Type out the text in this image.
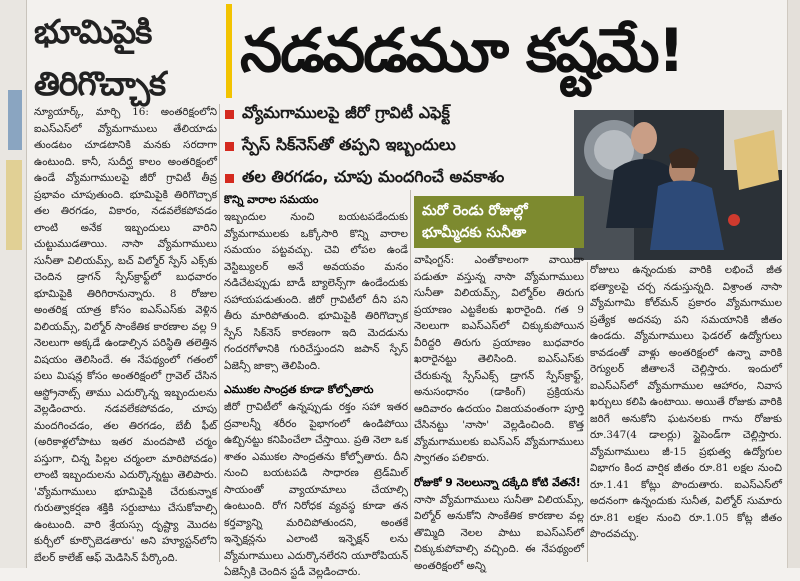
భూమిపైకి
తిరిగొచ్చాక	నడవడమూ కష్టమే!
వ్యోమగాముల‌పై జీరో గ్రావిటీ ఎఫెక్ట్
స్పేస్ సిక్‌నెస్‌తో తప్పని ఇబ్బందులు
తల తిరగడం, చూపు మందగించే అవకాశం

న్యూయార్క్, మార్చి 16: అంతరిక్షంలోని ఐఎస్ఎస్‌లో వ్యోమగాములు తేలియాడు తుండటం చూడటానికి మనకు సరదాగా ఉంటుంది. కానీ, సుదీర్ఘ కాలం అంతరిక్షంలో ఉండే వ్యోమగాములపై జీరో గ్రావిటీ తీవ్ర ప్రభావం చూపుతుంది. భూమిపైకి తిరిగొచ్చాక తల తిరగడం, వికారం, నడవలేకపోవడం లాంటి అనేక ఇబ్బందులు వారిని చుట్టుముడతాయి. నాసా వ్యోమగాములు సునీతా విలియమ్స్, బచ్ విల్మోర్ స్పేస్ ఎక్స్‌కు చెందిన డ్రాగన్ స్పేస్‌క్రాఫ్ట్‌లో బుధవారం భూమిపైకి తిరిగిరానున్నారు. 8 రోజుల అంతరిక్ష యాత్ర కోసం ఐఎస్ఎస్‌కు వెళ్లిన విలియమ్స్, విల్మోర్ సాంకేతిక కారణాల వల్ల 9 నెలలుగా అక్కడే ఉండాల్సిన పరిస్థితి తలెత్తిన విషయం తెలిసిందే. ఈ నేపథ్యంలో గతంలో పలు మిషన్ల కోసం అంతరిక్షంలో గ్రావెల్ చేసిన ఆస్ట్రోనాట్స్ తాము ఎదుర్కొన్న ఇబ్బందులను వెల్లడించారు. నడవలేకపోవడం, చూపు మందగించడం, తల తిరగడం, బేబీ ఫీట్ (అరికాళ్లలోపాటు ఇతర మందపాటి చర్మం పస్తుగా, చిన్న పిల్లల చర్మంలా మారిపోవడం) లాంటి ఇబ్బందులను ఎదుర్కొన్నట్టు తెలిపారు. 'వ్యోమగాములు భూమిపైకి చేరుకున్నాక గురుత్వాకర్షణ శక్తికి సర్దుబాటు చేసుకోవాల్సి ఉంటుంది. వారి శ్రేయస్సు దృష్ట్యా మొదట కుర్చీలో కూర్చొబెడతారు' అని హ్యూస్టన్‌లోని బేలర్ కాలేజ్ ఆఫ్ మెడిసిన్ పేర్కొంది.

కొన్ని వారాల సమయం

ఇబ్బందుల నుంచి బయటపడేందుకు వ్యోమగాములకు ఒక్కోసారి కొన్ని వారాల సమయం పట్టవచ్చు. చెవి లోపల ఉండే వెస్టిబ్యులర్ అనే అవయవం మనం నడిచేటప్పుడు బాడీ బ్యాలెన్స్‌గా ఉండేందుకు సహాయపడుతుంది. జీరో గ్రావిటీలో దీని పని తీరు మారిపోతుంది. భూమిపైకి తిరిగొచ్చాక స్పేస్ సిక్‌నెస్ కారణంగా ఇది మెదడును గందరగోళానికి గురిచేస్తుందని జపాన్ స్పేస్ ఏజెన్సీ జాక్సా తెలిపింది.

ఎముకల సాంద్రత కూడా కోల్పోతారు

జీరో గ్రావిటీలో ఉన్నప్పుడు రక్తం సహా ఇతర ద్రవాలన్నీ శరీరం పైభాగంలో ఉండిపోయి ఉబ్బినట్టు కనిపించేలా చేస్తాయి. ప్రతి నెలా ఒక శాతం ఎముకల సాంద్రతను కోల్పోతారు. దీని నుంచి బయటపడి సాధారణ ట్రెడ్‌మిల్ సాయంతో వ్యాయామాలు చేయాల్సి ఉంటుంది. రోగ నిరోధక వ్యవస్థ కూడా తన కర్తవ్యాన్ని మరిచిపోతుందని, అంతకే ఇన్ఫెక్షన్లను ఎలాంటి ఇన్ఫెక్షన్ లను వ్యోమగాములు ఎదుర్కొనలేరని యూరోపియన్ ఏజెన్సీకి చెందిన స్టడీ వెల్లడించారు.

మరో రెండు రోజుల్లో
భూమ్మీదకు సునీతా

వాషింగ్టన్: ఎంతోకాలంగా వాయిదా పడుతూ వస్తున్న నాసా వ్యోమగాములు సునీతా విలియమ్స్, విల్మోర్‌ల తిరుగు ప్రయాణం ఎట్టకేలకు ఖరారైంది. గత 9 నెలలుగా ఐఎస్ఎస్‌లో చిక్కుకుపోయిన వీరిద్దరి తిరుగు ప్రయాణం బుధవారం ఖరారైనట్టు తెలిసింది. ఐఎస్ఎస్‌కు చేరుకున్న స్పేస్‌ఎక్స్ డ్రాగన్ స్పేస్‌క్రాఫ్ట్, అనుసంధానం (డాకింగ్) ప్రక్రియను ఆదివారం ఉదయం విజయవంతంగా పూర్తి చేసినట్టు 'నాసా' వెల్లడించింది. కొత్త వ్యోమగాములకు ఐఎస్ఎస్ వ్యోమగాములు స్వాగతం పలికారు.

రోజుకో 9 నెలలున్నా దక్కేది కోటి వేతనే!

నాసా వ్యోమగాములు సునీతా విలియమ్స్, విల్మోర్ అనుకోని సాంకేతిక కారణాల వల్ల తొమ్మిది నెలల పాటు ఐఎస్ఎస్‌లో చిక్కుకుపోవాల్సి వచ్చింది. ఈ నేపథ్యంలో అంతరిక్షంలో అన్ని

రోజులు ఉన్నందుకు వారికి లభించే జీత భత్యాలపై చర్చ నడుస్తున్నది. విశ్రాంత నాసా వ్యోమగామి కోల్‌మన్ ప్రకారం వ్యోమగాముల ప్రత్యేక అదనపు పని సమయానికి జీతం ఉండదు. వ్యోమగాములు ఫెడరల్ ఉద్యోగులు కావడంతో వాళ్లు అంతరిక్షంలో ఉన్నా వారికి రెగ్యులర్ జీతాలనే చెల్లిస్తారు. ఇందులో ఐఎస్ఎస్‌లో వ్యోమగాముల ఆహారం, నివాస ఖర్చులు కలిపి ఉంటాయి. అయితే రోజుకు వారికి జరిగే అనుకోని ఘటనలకు గాను రోజుకు రూ.347(4 డాలర్లు) స్టైపెండ్‌గా చెల్లిస్తారు. వ్యోమగాములు జీ-15 ప్రభుత్వ ఉద్యోగుల విభాగం కింద వార్షిక జీతం రూ.81 లక్షల నుంచి రూ.1.41 కోట్లు పొందుతారు. ఐఎస్ఎస్‌లో అదనంగా ఉన్నందుకు సునీత, విల్మోర్ సుమారు రూ.81 లక్షల నుంచి రూ.1.05 కోట్ల జీతం పొందవచ్చు.
